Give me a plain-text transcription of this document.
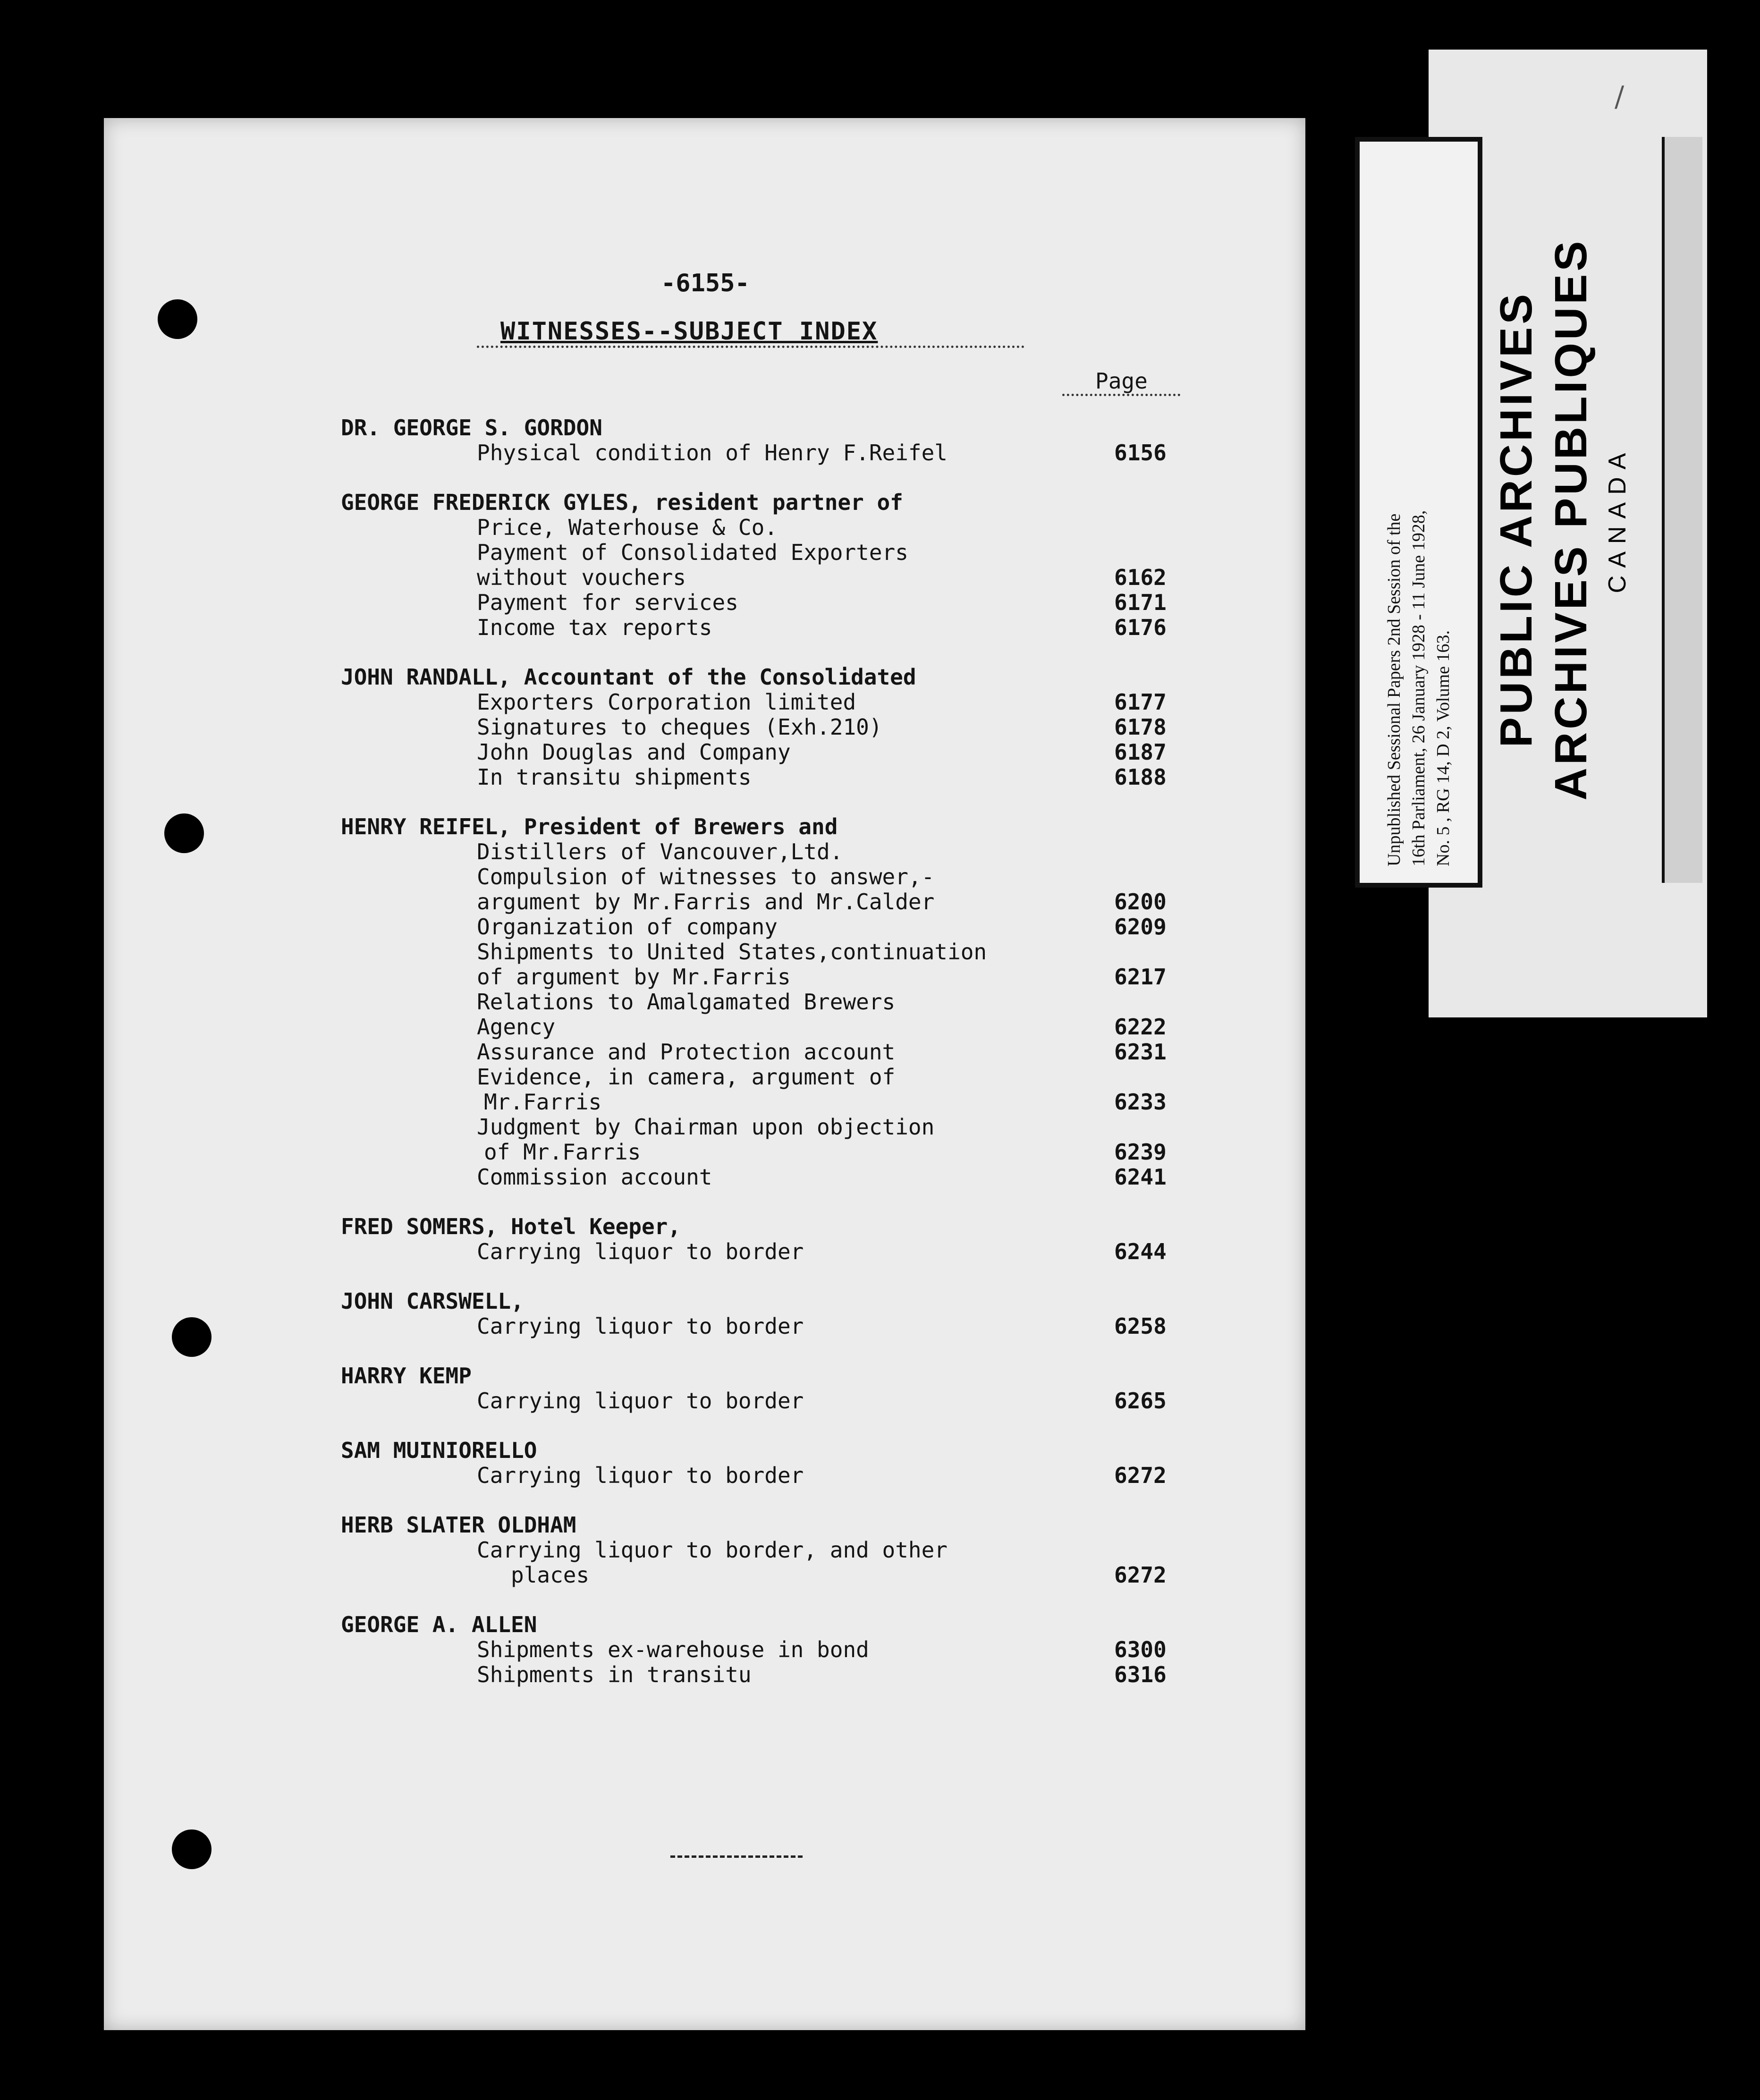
-6155-
WITNESSES--SUBJECT INDEX
Page
DR. GEORGE S. GORDON
Physical condition of Henry F.Reifel	6156
GEORGE FREDERICK GYLES, resident partner of
Price, Waterhouse & Co.
Payment of Consolidated Exporters
without vouchers	6162
Payment for services	6171
Income tax reports	6176
JOHN RANDALL, Accountant of the Consolidated
Exporters Corporation limited	6177
Signatures to cheques (Exh.210)	6178
John Douglas and Company	6187
In transitu shipments	6188
HENRY REIFEL, President of Brewers and
Distillers of Vancouver,Ltd.
Compulsion of witnesses to answer,-
argument by Mr.Farris and Mr.Calder	6200
Organization of company	6209
Shipments to United States,continuation
of argument by Mr.Farris	6217
Relations to Amalgamated Brewers
Agency	6222
Assurance and Protection account	6231
Evidence, in camera, argument of
Mr.Farris	6233
Judgment by Chairman upon objection
of Mr.Farris	6239
Commission account	6241
FRED SOMERS, Hotel Keeper,
Carrying liquor to border	6244
JOHN CARSWELL,
Carrying liquor to border	6258
HARRY KEMP
Carrying liquor to border	6265
SAM MUINIORELLO
Carrying liquor to border	6272
HERB SLATER OLDHAM
Carrying liquor to border, and other
places	6272
GEORGE A. ALLEN
Shipments ex-warehouse in bond	6300
Shipments in transitu	6316
/
Unpublished Sessional Papers 2nd Session of the 16th Parliament, 26 January 1928 - 11 June 1928, No. 5 , RG 14, D 2, Volume 163.
PUBLIC ARCHIVES ARCHIVES PUBLIQUES CANADA
